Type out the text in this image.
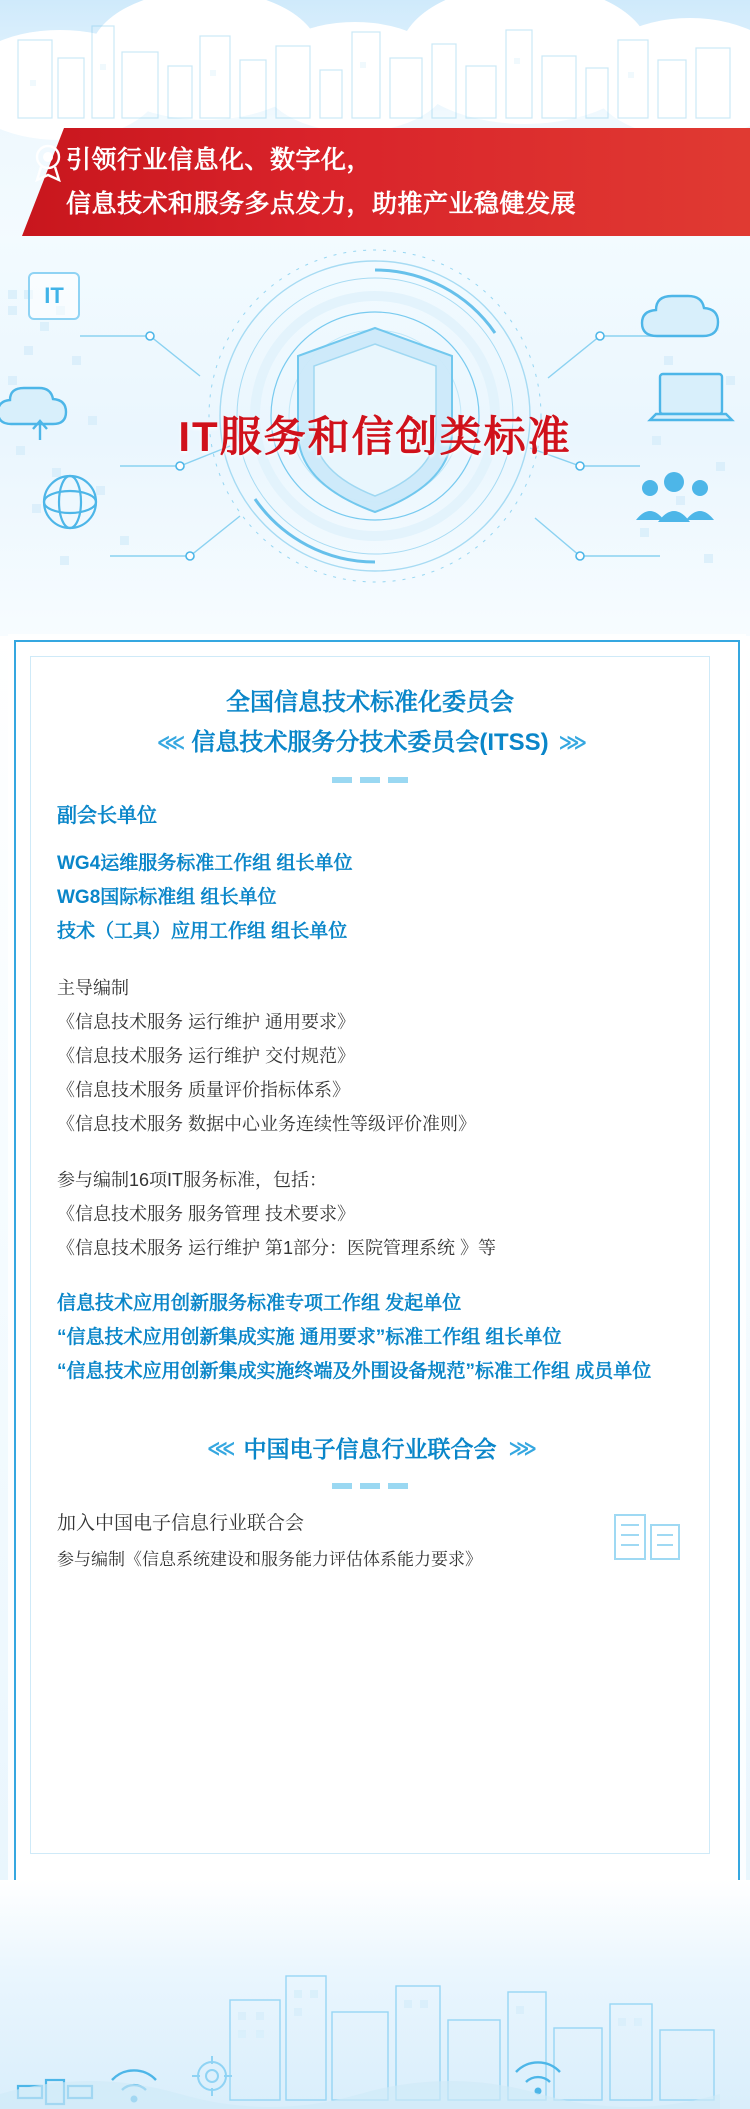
引领行业信息化、数字化，
信息技术和服务多点发力，助推产业稳健发展
IT
IT服务和信创类标准
全国信息技术标准化委员会
⋘ 信息技术服务分技术委员会(ITSS) ⋙
副会长单位
WG4运维服务标准工作组 组长单位
WG8国际标准组 组长单位
技术（工具）应用工作组 组长单位
主导编制
《信息技术服务 运行维护 通用要求》
《信息技术服务 运行维护 交付规范》
《信息技术服务 质量评价指标体系》
《信息技术服务 数据中心业务连续性等级评价准则》
参与编制16项IT服务标准，包括：
《信息技术服务 服务管理 技术要求》
《信息技术服务 运行维护 第1部分：医院管理系统 》等
信息技术应用创新服务标准专项工作组 发起单位
“信息技术应用创新集成实施 通用要求”标准工作组 组长单位
“信息技术应用创新集成实施终端及外围设备规范”标准工作组 成员单位
⋘ 中国电子信息行业联合会 ⋙
加入中国电子信息行业联合会
参与编制《信息系统建设和服务能力评估体系能力要求》
